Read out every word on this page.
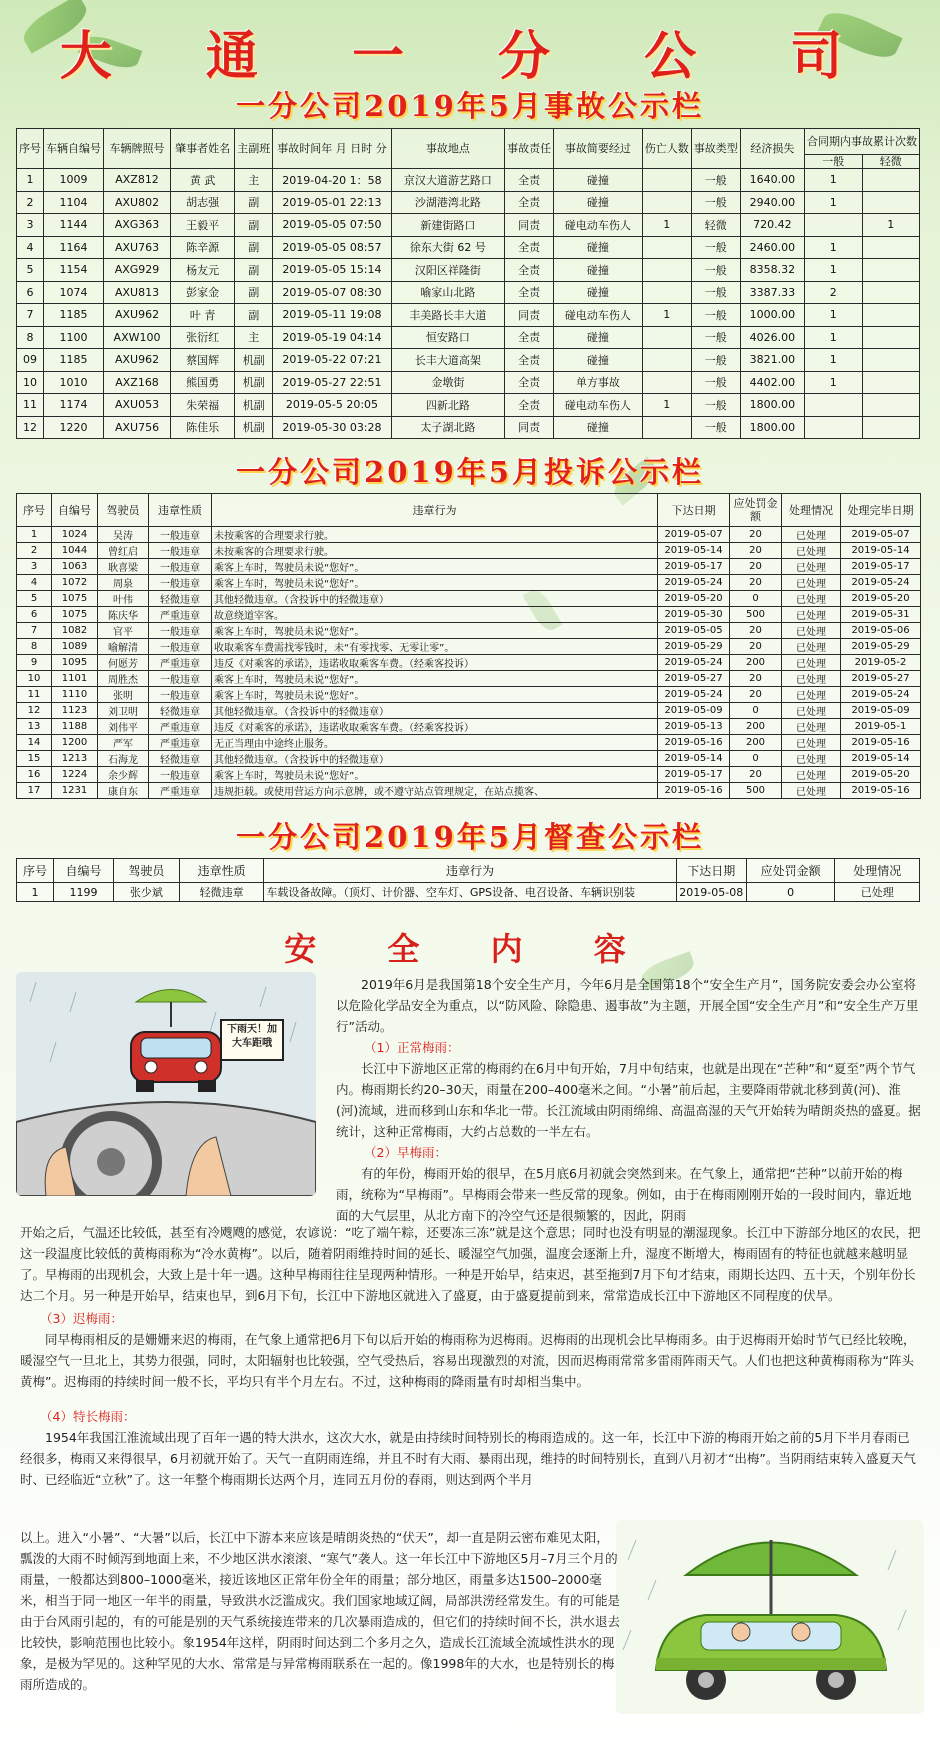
大 通 一 分 公 司
一分公司2019年5月事故公示栏
序号	车辆自编号	车辆牌照号	肇事者姓名	主副班	事故时间年 月 日时 分	事故地点	事故责任	事故简要经过	伤亡人数	事故类型	经济损失	合同期内事故累计次数	
												一般	轻微
1	1009	AXZ812	黄 武	主	2019-04-20 1：58	京汉大道游艺路口	全责	碰撞		一般	1640.00	1	
2	1104	AXU802	胡志强	副	2019-05-01 22:13	沙湖港湾北路	全责	碰撞		一般	2940.00	1	
3	1144	AXG363	王毅平	副	2019-05-05 07:50	新建街路口	同责	碰电动车伤人	1	轻微	720.42		1
4	1164	AXU763	陈辛源	副	2019-05-05 08:57	徐东大街 62 号	全责	碰撞		一般	2460.00	1	
5	1154	AXG929	杨友元	副	2019-05-05 15:14	汉阳区祥隆街	全责	碰撞		一般	8358.32	1	
6	1074	AXU813	彭家金	副	2019-05-07 08:30	喻家山北路	全责	碰撞		一般	3387.33	2	
7	1185	AXU962	叶 青	副	2019-05-11 19:08	丰美路长丰大道	同责	碰电动车伤人	1	一般	1000.00	1	
8	1100	AXW100	张衍红	主	2019-05-19 04:14	恒安路口	全责	碰撞		一般	4026.00	1	
09	1185	AXU962	蔡国辉	机副	2019-05-22 07:21	长丰大道高架	全责	碰撞		一般	3821.00	1	
10	1010	AXZ168	熊国勇	机副	2019-05-27 22:51	金墩街	全责	单方事故		一般	4402.00	1	
11	1174	AXU053	朱荣福	机副	2019-05-5 20:05	四新北路	全责	碰电动车伤人	1	一般	1800.00		
12	1220	AXU756	陈佳乐	机副	2019-05-30 03:28	太子湖北路	同责	碰撞		一般	1800.00		
一分公司2019年5月投诉公示栏
序号	自编号	驾驶员	违章性质	违章行为	下达日期	应处罚金额	处理情况	处理完毕日期
1	1024	吴涛	一般违章	未按乘客的合理要求行驶。	2019-05-07	20	已处理	2019-05-07
2	1044	曾红启	一般违章	未按乘客的合理要求行驶。	2019-05-14	20	已处理	2019-05-14
3	1063	耿喜梁	一般违章	乘客上车时，驾驶员未说“您好”。	2019-05-17	20	已处理	2019-05-17
4	1072	周泉	一般违章	乘客上车时，驾驶员未说“您好”。	2019-05-24	20	已处理	2019-05-24
5	1075	叶伟	轻微违章	其他轻微违章。（含投诉中的轻微违章）	2019-05-20	0	已处理	2019-05-20
6	1075	陈庆华	严重违章	故意绕道宰客。	2019-05-30	500	已处理	2019-05-31
7	1082	官平	一般违章	乘客上车时，驾驶员未说“您好”。	2019-05-05	20	已处理	2019-05-06
8	1089	喻解清	一般违章	收取乘客车费需找零钱时，未“有零找零、无零让零”。	2019-05-29	20	已处理	2019-05-29
9	1095	何愿芳	严重违章	违反《对乘客的承诺》，违诺收取乘客车费。（经乘客投诉）	2019-05-24	200	已处理	2019-05-2
10	1101	周胜杰	一般违章	乘客上车时，驾驶员未说“您好”。	2019-05-27	20	已处理	2019-05-27
11	1110	张明	一般违章	乘客上车时，驾驶员未说“您好”。	2019-05-24	20	已处理	2019-05-24
12	1123	刘卫明	轻微违章	其他轻微违章。（含投诉中的轻微违章）	2019-05-09	0	已处理	2019-05-09
13	1188	刘伟平	严重违章	违反《对乘客的承诺》，违诺收取乘客车费。（经乘客投诉）	2019-05-13	200	已处理	2019-05-1
14	1200	严军	严重违章	无正当理由中途终止服务。	2019-05-16	200	已处理	2019-05-16
15	1213	石海龙	轻微违章	其他轻微违章。（含投诉中的轻微违章）	2019-05-14	0	已处理	2019-05-14
16	1224	余少辉	一般违章	乘客上车时，驾驶员未说“您好”。	2019-05-17	20	已处理	2019-05-20
17	1231	康自东	严重违章	违规拒载。或使用营运方向示意牌，或不遵守站点管理规定，在站点揽客、	2019-05-16	500	已处理	2019-05-16
一分公司2019年5月督查公示栏
序号	自编号	驾驶员	违章性质	违章行为	下达日期	应处罚金额	处理情况
1	1199	张少斌	轻微违章	车载设备故障。（顶灯、计价器、空车灯、GPS设备、电召设备、车辆识别装	2019-05-08	0	已处理
安 全 内 容
下雨天！加大车距哦

2019年6月是我国第18个安全生产月，今年6月是全国第18个“安全生产月”，国务院安委会办公室将以危险化学品安全为重点，以“防风险、除隐患、遏事故”为主题，开展全国“安全生产月”和“安全生产万里行”活动。

（1）正常梅雨：

长江中下游地区正常的梅雨约在6月中旬开始，7月中旬结束，也就是出现在“芒种”和“夏至”两个节气内。梅雨期长约20–30天，雨量在200–400毫米之间。“小暑”前后起，主要降雨带就北移到黄(河)、淮(河)流域，进而移到山东和华北一带。长江流域由阴雨绵绵、高温高湿的天气开始转为晴朗炎热的盛夏。据统计，这种正常梅雨，大约占总数的一半左右。

（2）早梅雨：

有的年份，梅雨开始的很早，在5月底6月初就会突然到来。在气象上，通常把“芒种”以前开始的梅雨，统称为“早梅雨”。早梅雨会带来一些反常的现象。例如，由于在梅雨刚刚开始的一段时间内，靠近地面的大气层里，从北方南下的冷空气还是很频繁的，因此，阴雨

开始之后，气温还比较低，甚至有冷飕飕的感觉，农谚说：“吃了端午粽，还要冻三冻”就是这个意思；同时也没有明显的潮湿现象。长江中下游部分地区的农民，把这一段温度比较低的黄梅雨称为“冷水黄梅”。以后，随着阴雨维持时间的延长、暖湿空气加强，温度会逐渐上升，湿度不断增大，梅雨固有的特征也就越来越明显了。早梅雨的出现机会，大致上是十年一遇。这种早梅雨往往呈现两种情形。一种是开始早，结束迟，甚至拖到7月下旬才结束，雨期长达四、五十天，个别年份长达二个月。另一种是开始早，结束也早，到6月下旬，长江中下游地区就进入了盛夏，由于盛夏提前到来，常常造成长江中下游地区不同程度的伏旱。
（3）迟梅雨：

同早梅雨相反的是姗姗来迟的梅雨，在气象上通常把6月下旬以后开始的梅雨称为迟梅雨。迟梅雨的出现机会比早梅雨多。由于迟梅雨开始时节气已经比较晚，暖湿空气一旦北上，其势力很强，同时，太阳辐射也比较强，空气受热后，容易出现激烈的对流，因而迟梅雨常常多雷雨阵雨天气。人们也把这种黄梅雨称为“阵头黄梅”。迟梅雨的持续时间一般不长，平均只有半个月左右。不过，这种梅雨的降雨量有时却相当集中。

（4）特长梅雨：

1954年我国江淮流域出现了百年一遇的特大洪水，这次大水，就是由持续时间特别长的梅雨造成的。这一年，长江中下游的梅雨开始之前的5月下半月春雨已经很多，梅雨又来得很早，6月初就开始了。天气一直阴雨连绵，并且不时有大雨、暴雨出现，维持的时间特别长，直到八月初才“出梅”。当阴雨结束转入盛夏天气时、已经临近“立秋”了。这一年整个梅雨期长达两个月，连同五月份的春雨，则达到两个半月

以上。进入“小暑”、“大暑”以后，长江中下游本来应该是晴朗炎热的“伏天”，却一直是阴云密布难见太阳，瓢泼的大雨不时倾泻到地面上来，不少地区洪水滚滚、“寒气”袭人。这一年长江中下游地区5月–7月三个月的雨量，一般都达到800–1000毫米，接近该地区正常年份全年的雨量；部分地区，雨量多达1500–2000毫米，相当于同一地区一年半的雨量，导致洪水泛滥成灾。我们国家地域辽阔，局部洪涝经常发生。有的可能是由于台风雨引起的，有的可能是别的天气系统接连带来的几次暴雨造成的，但它们的持续时间不长，洪水退去比较快，影响范围也比较小。象1954年这样，阴雨时间达到二个多月之久，造成长江流域全流域性洪水的现象，是极为罕见的。这种罕见的大水、常常是与异常梅雨联系在一起的。像1998年的大水，也是特别长的梅雨所造成的。
